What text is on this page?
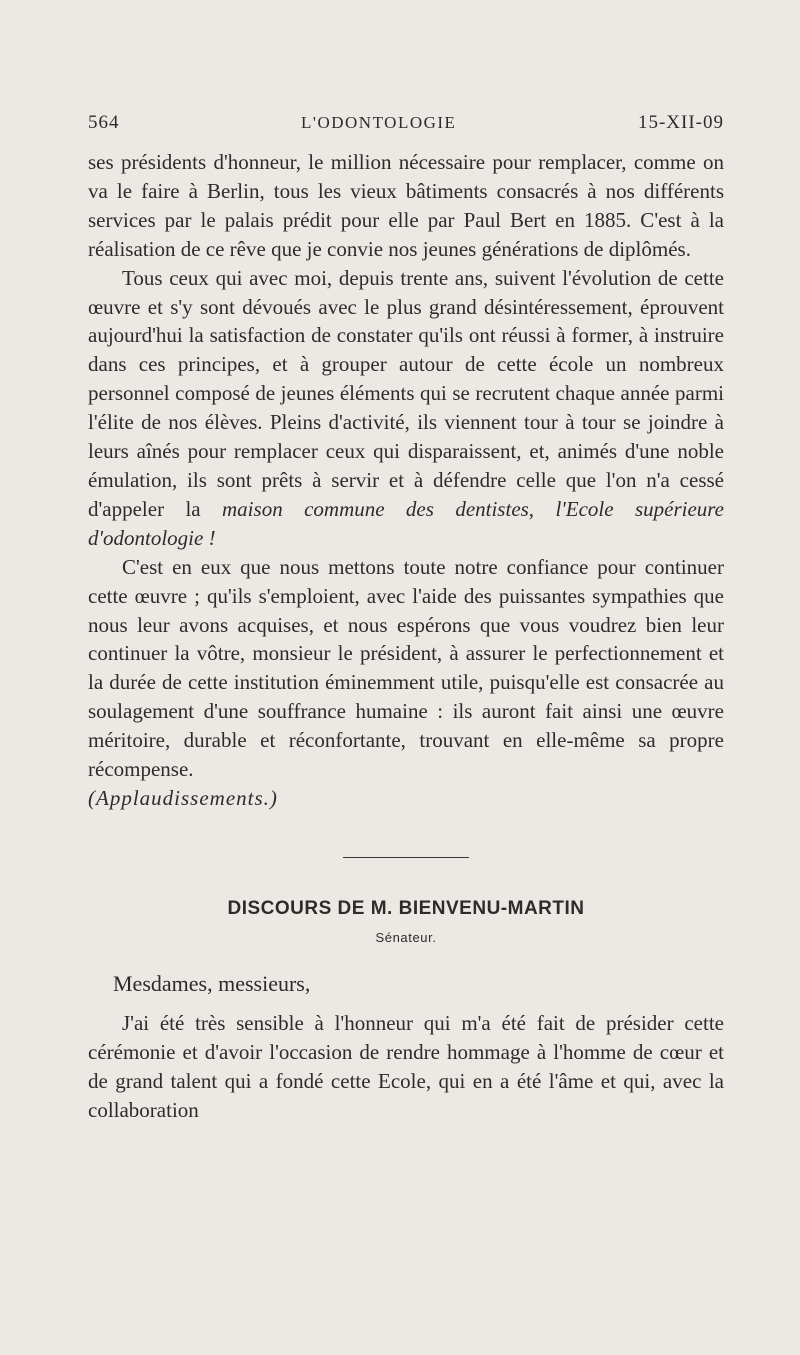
564	L'ODONTOLOGIE	15-XII-09

ses présidents d'honneur, le million nécessaire pour remplacer, comme on va le faire à Berlin, tous les vieux bâtiments consacrés à nos différents services par le palais prédit pour elle par Paul Bert en 1885. C'est à la réalisation de ce rêve que je convie nos jeunes générations de diplômés.

Tous ceux qui avec moi, depuis trente ans, suivent l'évolution de cette œuvre et s'y sont dévoués avec le plus grand désintéressement, éprouvent aujourd'hui la satisfaction de constater qu'ils ont réussi à former, à instruire dans ces principes, et à grouper autour de cette école un nombreux personnel composé de jeunes éléments qui se recrutent chaque année parmi l'élite de nos élèves. Pleins d'activité, ils viennent tour à tour se joindre à leurs aînés pour remplacer ceux qui disparaissent, et, animés d'une noble émulation, ils sont prêts à servir et à défendre celle que l'on n'a cessé d'appeler la maison commune des dentistes, l'Ecole supérieure d'odontologie !

C'est en eux que nous mettons toute notre confiance pour continuer cette œuvre ; qu'ils s'emploient, avec l'aide des puissantes sympathies que nous leur avons acquises, et nous espérons que vous voudrez bien leur continuer la vôtre, monsieur le président, à assurer le perfectionnement et la durée de cette institution éminemment utile, puisqu'elle est consacrée au soulagement d'une souffrance humaine : ils auront fait ainsi une œuvre méritoire, durable et réconfortante, trouvant en elle-même sa propre récompense.
(Applaudissements.)

DISCOURS DE M. BIENVENU-MARTIN
Sénateur.
Mesdames, messieurs,

J'ai été très sensible à l'honneur qui m'a été fait de présider cette cérémonie et d'avoir l'occasion de rendre hommage à l'homme de cœur et de grand talent qui a fondé cette Ecole, qui en a été l'âme et qui, avec la collaboration
